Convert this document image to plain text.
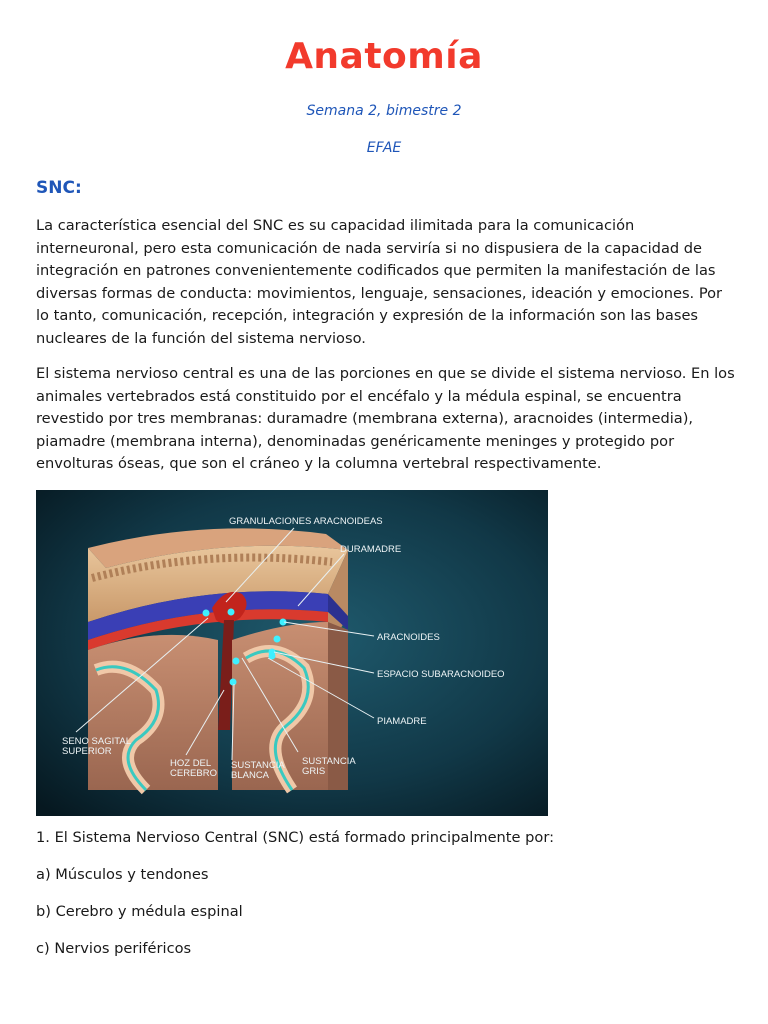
Anatomía
Semana 2, bimestre 2
EFAE
SNC:

La característica esencial del SNC es su capacidad ilimitada para la comunicación interneuronal, pero esta comunicación de nada serviría si no dispusiera de la capacidad de integración en patrones convenientemente codificados que permiten la manifestación de las diversas formas de conducta: movimientos, lenguaje, sensaciones, ideación y emociones. Por lo tanto, comunicación, recepción, integración y expresión de la información son las bases nucleares de la función del sistema nervioso.

El sistema nervioso central es una de las porciones en que se divide el sistema nervioso. En los animales vertebrados está constituido por el encéfalo y la médula espinal, se encuentra revestido por tres membranas: duramadre (membrana externa), aracnoides (intermedia), piamadre (membrana interna), denominadas genéricamente meninges y protegido por envolturas óseas, que son el cráneo y la columna vertebral respectivamente.

GRANULACIONES ARACNOIDEAS
DURAMADRE
ARACNOIDES
ESPACIO SUBARACNOIDEO
PIAMADRE
SENO SAGITAL
SUPERIOR
HOZ DEL
CEREBRO
SUSTANCIA
BLANCA
SUSTANCIA
GRIS

1. El Sistema Nervioso Central (SNC) está formado principalmente por:

a) Músculos y tendones

b) Cerebro y médula espinal

c) Nervios periféricos
